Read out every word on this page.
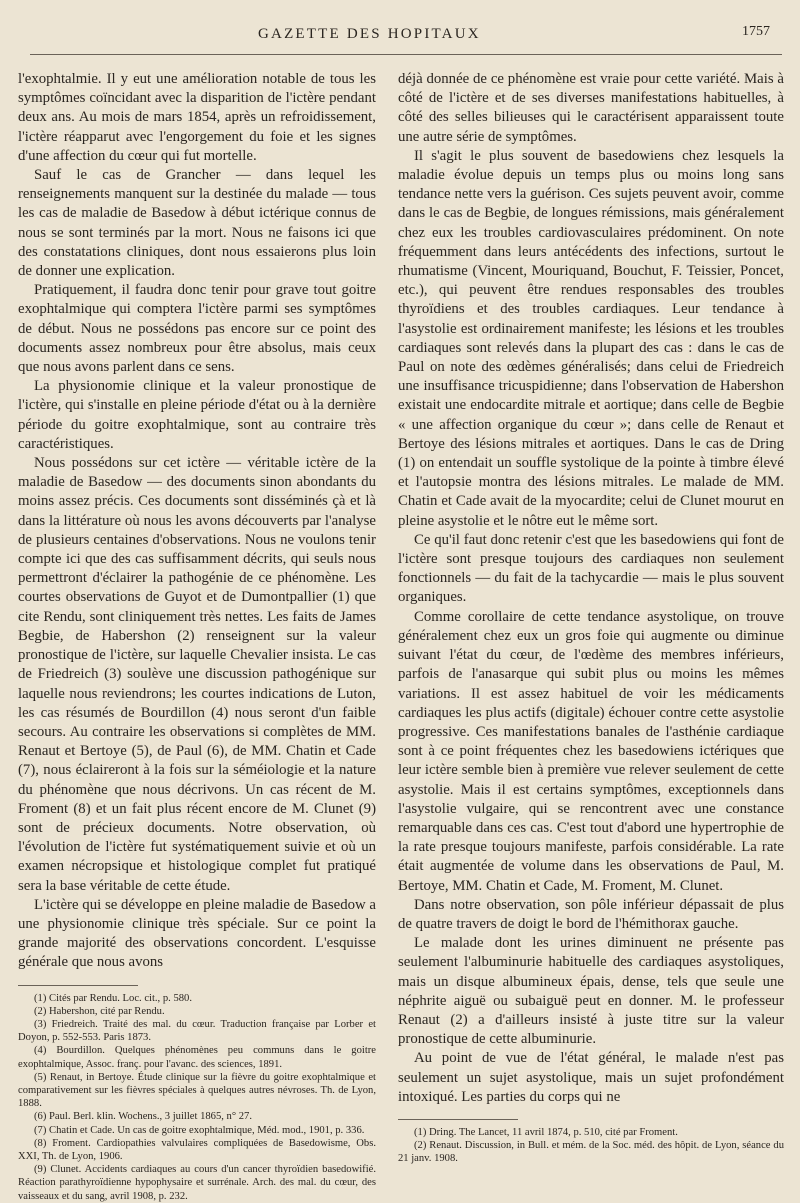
GAZETTE DES HOPITAUX	1757

l'exophtalmie. Il y eut une amélioration notable de tous les symptômes coïncidant avec la disparition de l'ictère pendant deux ans. Au mois de mars 1854, après un refroidissement, l'ictère réapparut avec l'engorgement du foie et les signes d'une affection du cœur qui fut mortelle.

Sauf le cas de Grancher — dans lequel les renseignements manquent sur la destinée du malade — tous les cas de maladie de Basedow à début ictérique connus de nous se sont terminés par la mort. Nous ne faisons ici que des constatations cliniques, dont nous essaierons plus loin de donner une explication.

Pratiquement, il faudra donc tenir pour grave tout goitre exophtalmique qui comptera l'ictère parmi ses symptômes de début. Nous ne possédons pas encore sur ce point des documents assez nombreux pour être absolus, mais ceux que nous avons parlent dans ce sens.

La physionomie clinique et la valeur pronostique de l'ictère, qui s'installe en pleine période d'état ou à la dernière période du goitre exophtalmique, sont au contraire très caractéristiques.

Nous possédons sur cet ictère — véritable ictère de la maladie de Basedow — des documents sinon abondants du moins assez précis. Ces documents sont disséminés çà et là dans la littérature où nous les avons découverts par l'analyse de plusieurs centaines d'observations. Nous ne voulons tenir compte ici que des cas suffisamment décrits, qui seuls nous permettront d'éclairer la pathogénie de ce phénomène. Les courtes observations de Guyot et de Dumontpallier (1) que cite Rendu, sont cliniquement très nettes. Les faits de James Begbie, de Habershon (2) renseignent sur la valeur pronostique de l'ictère, sur laquelle Chevalier insista. Le cas de Friedreich (3) soulève une discussion pathogénique sur laquelle nous reviendrons; les courtes indications de Luton, les cas résumés de Bourdillon (4) nous seront d'un faible secours. Au contraire les observations si complètes de MM. Renaut et Bertoye (5), de Paul (6), de MM. Chatin et Cade (7), nous éclaireront à la fois sur la séméiologie et la nature du phénomène que nous décrivons. Un cas récent de M. Froment (8) et un fait plus récent encore de M. Clunet (9) sont de précieux documents. Notre observation, où l'évolution de l'ictère fut systématiquement suivie et où un examen nécropsique et histologique complet fut pratiqué sera la base véritable de cette étude.

L'ictère qui se développe en pleine maladie de Basedow a une physionomie clinique très spéciale. Sur ce point la grande majorité des observations concordent. L'esquisse générale que nous avons

(1) Cités par Rendu. Loc. cit., p. 580.

(2) Habershon, cité par Rendu.

(3) Friedreich. Traité des mal. du cœur. Traduction française par Lorber et Doyon, p. 552-553. Paris 1873.

(4) Bourdillon. Quelques phénomènes peu communs dans le goitre exophtalmique, Assoc. franç. pour l'avanc. des sciences, 1891.

(5) Renaut, in Bertoye. Étude clinique sur la fièvre du goitre exophtalmique et comparativement sur les fièvres spéciales à quelques autres névroses. Th. de Lyon, 1888.

(6) Paul. Berl. klin. Wochens., 3 juillet 1865, n° 27.

(7) Chatin et Cade. Un cas de goitre exophtalmique, Méd. mod., 1901, p. 336.

(8) Froment. Cardiopathies valvulaires compliquées de Basedowisme, Obs. XXI, Th. de Lyon, 1906.

(9) Clunet. Accidents cardiaques au cours d'un cancer thyroïdien basedowifié. Réaction parathyroïdienne hypophysaire et surrénale. Arch. des mal. du cœur, des vaisseaux et du sang, avril 1908, p. 232.

déjà donnée de ce phénomène est vraie pour cette variété. Mais à côté de l'ictère et de ses diverses manifestations habituelles, à côté des selles bilieuses qui le caractérisent apparaissent toute une autre série de symptômes.

Il s'agit le plus souvent de basedowiens chez lesquels la maladie évolue depuis un temps plus ou moins long sans tendance nette vers la guérison. Ces sujets peuvent avoir, comme dans le cas de Begbie, de longues rémissions, mais généralement chez eux les troubles cardiovasculaires prédominent. On note fréquemment dans leurs antécédents des infections, surtout le rhumatisme (Vincent, Mouriquand, Bouchut, F. Teissier, Poncet, etc.), qui peuvent être rendues responsables des troubles thyroïdiens et des troubles cardiaques. Leur tendance à l'asystolie est ordinairement manifeste; les lésions et les troubles cardiaques sont relevés dans la plupart des cas : dans le cas de Paul on note des œdèmes généralisés; dans celui de Friedreich une insuffisance tricuspidienne; dans l'observation de Habershon existait une endocardite mitrale et aortique; dans celle de Begbie « une affection organique du cœur »; dans celle de Renaut et Bertoye des lésions mitrales et aortiques. Dans le cas de Dring (1) on entendait un souffle systolique de la pointe à timbre élevé et l'autopsie montra des lésions mitrales. Le malade de MM. Chatin et Cade avait de la myocardite; celui de Clunet mourut en pleine asystolie et le nôtre eut le même sort.

Ce qu'il faut donc retenir c'est que les basedowiens qui font de l'ictère sont presque toujours des cardiaques non seulement fonctionnels — du fait de la tachycardie — mais le plus souvent organiques.

Comme corollaire de cette tendance asystolique, on trouve généralement chez eux un gros foie qui augmente ou diminue suivant l'état du cœur, de l'œdème des membres inférieurs, parfois de l'anasarque qui subit plus ou moins les mêmes variations. Il est assez habituel de voir les médicaments cardiaques les plus actifs (digitale) échouer contre cette asystolie progressive. Ces manifestations banales de l'asthénie cardiaque sont à ce point fréquentes chez les basedowiens ictériques que leur ictère semble bien à première vue relever seulement de cette asystolie. Mais il est certains symptômes, exceptionnels dans l'asystolie vulgaire, qui se rencontrent avec une constance remarquable dans ces cas. C'est tout d'abord une hypertrophie de la rate presque toujours manifeste, parfois considérable. La rate était augmentée de volume dans les observations de Paul, M. Bertoye, MM. Chatin et Cade, M. Froment, M. Clunet.

Dans notre observation, son pôle inférieur dépassait de plus de quatre travers de doigt le bord de l'hémithorax gauche.

Le malade dont les urines diminuent ne présente pas seulement l'albuminurie habituelle des cardiaques asystoliques, mais un disque albumineux épais, dense, tels que seule une néphrite aiguë ou subaiguë peut en donner. M. le professeur Renaut (2) a d'ailleurs insisté à juste titre sur la valeur pronostique de cette albuminurie.

Au point de vue de l'état général, le malade n'est pas seulement un sujet asystolique, mais un sujet profondément intoxiqué. Les parties du corps qui ne

(1) Dring. The Lancet, 11 avril 1874, p. 510, cité par Froment.

(2) Renaut. Discussion, in Bull. et mém. de la Soc. méd. des hôpit. de Lyon, séance du 21 janv. 1908.
